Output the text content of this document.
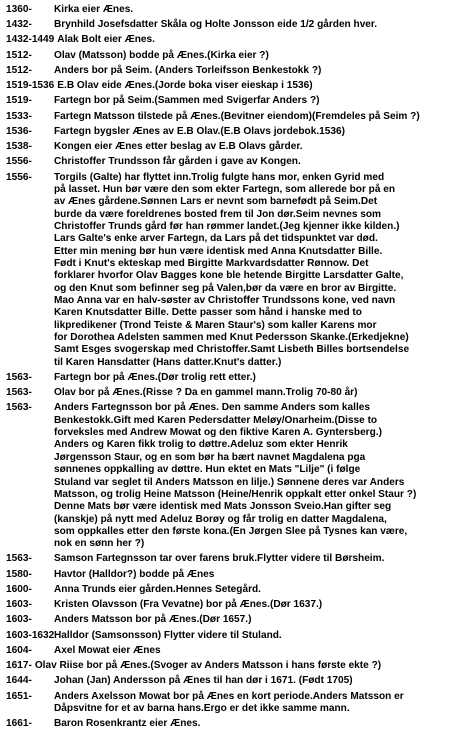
1360-	Kirka eier Ænes.
1432-	Brynhild Josefsdatter Skåla og Holte Jonsson eide 1/2 gården hver.
1432-1449 Alak Bolt eier Ænes.
1512-	Olav (Matsson) bodde på Ænes.(Kirka eier ?)
1512-	Anders bor på Seim. (Anders Torleifsson Benkestokk ?)
1519-1536 E.B Olav eide Ænes.(Jorde boka viser eieskap i 1536)
1519-	Fartegn bor på Seim.(Sammen med Svigerfar Anders ?)
1533-	Fartegn Matsson tilstede på Ænes.(Bevitner eiendom)(Fremdeles på Seim ?)
1536-	Fartegn bygsler Ænes av E.B Olav.(E.B Olavs jordebok.1536)
1538-	Kongen eier Ænes etter beslag av E.B Olavs gårder.
1556-	Christoffer Trundsson får gården i gave av Kongen.
1556-	Torgils (Galte) har flyttet inn.Trolig fulgte hans mor, enken Gyrid med
på lasset. Hun bør være den som ekter Fartegn, som allerede bor på en
av Ænes gårdene.Sønnen Lars er nevnt som barnefødt på Seim.Det
burde da være foreldrenes bosted frem til Jon dør.Seim nevnes som
Christoffer Trunds gård før han rømmer landet.(Jeg kjenner ikke kilden.)
Lars Galte's enke arver Fartegn, da Lars på det tidspunktet var død.
Etter min mening bør hun være identisk med Anna Knutsdatter Bille.
Født i Knut's ekteskap med Birgitte Markvardsdatter Rønnow. Det
forklarer hvorfor Olav Bagges kone ble hetende Birgitte Larsdatter Galte,
og den Knut som befinner seg på Valen,bør da være en bror av Birgitte.
Mao Anna var en halv-søster av Christoffer Trundssons kone, ved navn
Karen Knutsdatter Bille. Dette passer som hånd i hanske med to
likpredikener (Trond Teiste & Maren Staur's) som kaller Karens mor
for Dorothea Adelsten sammen med Knut Pedersson Skanke.(Erkedjekne)
Samt Esges svogerskap med Christoffer.Samt Lisbeth Billes bortsendelse
til Karen Hansdatter (Hans datter.Knut's datter.)
1563-	Fartegn bor på Ænes.(Dør trolig rett etter.)
1563-	Olav bor på Ænes.(Risse ? Da en gammel mann.Trolig 70-80 år)
1563-	Anders Fartegnsson bor på Ænes. Den samme Anders som kalles
Benkestokk.Gift med Karen Pedersdatter Meløy/Onarheim.(Disse to
forveksles med Andrew Mowat og den fiktive Karen A. Gyntersberg.)
Anders og Karen fikk trolig to døttre.Adeluz som ekter Henrik
Jørgensson Staur, og en som bør ha bært navnet Magdalena pga
sønnenes oppkalling av døttre. Hun ektet en Mats "Lilje" (i følge
Stuland var seglet til Anders Matsson en lilje.) Sønnene deres var Anders
Matsson, og trolig Heine Matsson (Heine/Henrik oppkalt etter onkel Staur ?)
Denne Mats bør være identisk med Mats Jonsson Sveio.Han gifter seg
(kanskje) på nytt med Adeluz Borøy og får trolig en datter Magdalena,
som oppkalles etter den første kona.(En Jørgen Slee på Tysnes kan være,
nok en sønn her ?)
1563-	Samson Fartegnsson tar over farens bruk.Flytter videre til Børsheim.
1580-	Havtor (Halldor?) bodde på Ænes
1600-	Anna Trunds eier gården.Hennes Setegård.
1603-	Kristen Olavsson (Fra Vevatne) bor på Ænes.(Dør 1637.)
1603-	Anders Matsson bor på Ænes.(Dør 1657.)
1603-1632 Halldor (Samsonsson) Flytter videre til Stuland.
1604-	Axel Mowat eier Ænes
1617- Olav Riise bor på Ænes.(Svoger av Anders Matsson i hans første ekte ?)
1644-	Johan (Jan) Andersson på Ænes til han dør i 1671. (Født 1705)
1651-	Anders Axelsson Mowat bor på Ænes en kort periode.Anders Matsson er
Dåpsvitne for et av barna hans.Ergo er det ikke samme mann.
1661-	Baron Rosenkrantz eier Ænes.
